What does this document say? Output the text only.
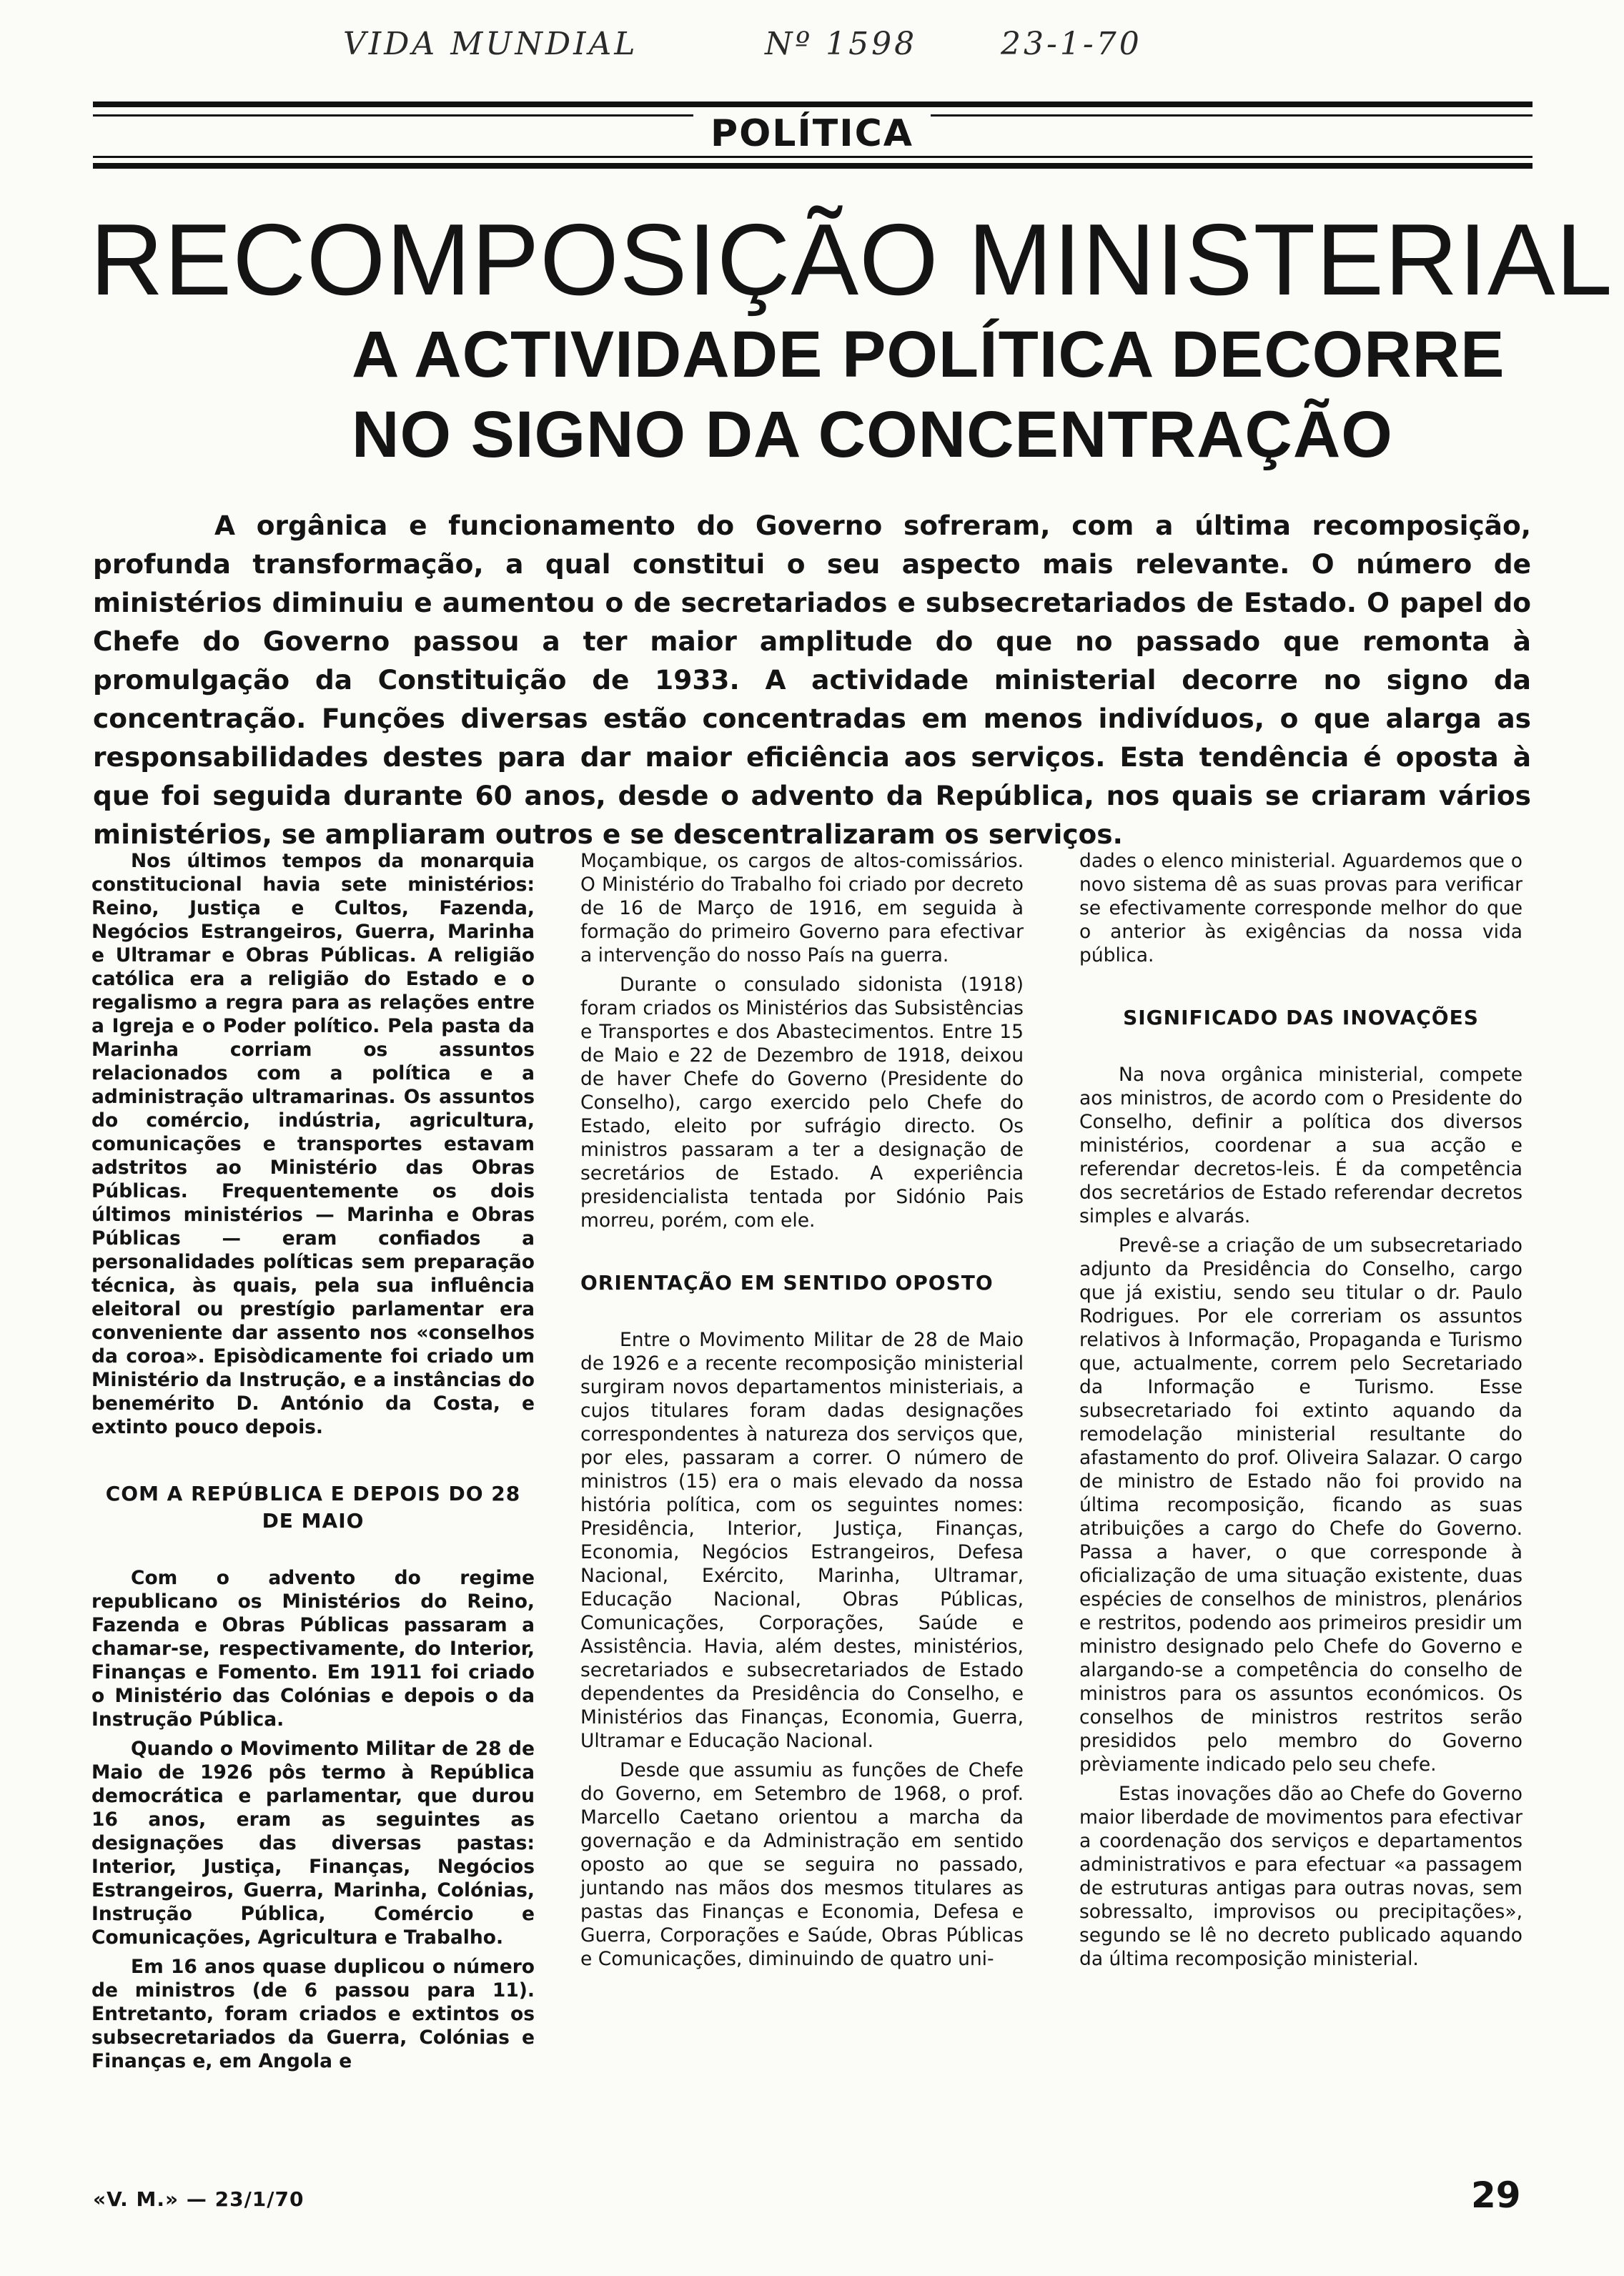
VIDA MUNDIAL	Nº 1598	23-1-70
POLÍTICA
RECOMPOSIÇÃO MINISTERIAL
A ACTIVIDADE POLÍTICA DECORRE
NO SIGNO DA CONCENTRAÇÃO

A orgânica e funcionamento do Governo sofreram, com a última recomposição, profunda transformação, a qual constitui o seu aspecto mais relevante. O número de ministérios diminuiu e aumentou o de secretariados e subsecretariados de Estado. O papel do Chefe do Governo passou a ter maior amplitude do que no passado que remonta à promulgação da Constituição de 1933. A actividade ministerial decorre no signo da concentração. Funções diversas estão concentradas em menos indivíduos, o que alarga as responsabilidades destes para dar maior eficiência aos serviços. Esta tendência é oposta à que foi seguida durante 60 anos, desde o advento da República, nos quais se criaram vários ministérios, se ampliaram outros e se descentralizaram os serviços.

Nos últimos tempos da monarquia constitucional havia sete ministérios: Reino, Justiça e Cultos, Fazenda, Negócios Estrangeiros, Guerra, Marinha e Ultramar e Obras Públicas. A religião católica era a religião do Estado e o regalismo a regra para as relações entre a Igreja e o Poder político. Pela pasta da Marinha corriam os assuntos relacionados com a política e a administração ultramarinas. Os assuntos do comércio, indústria, agricultura, comunicações e transportes estavam adstritos ao Ministério das Obras Públicas. Frequentemente os dois últimos ministérios — Marinha e Obras Públicas — eram confiados a personalidades políticas sem preparação técnica, às quais, pela sua influência eleitoral ou prestígio parlamentar era conveniente dar assento nos «conselhos da coroa». Episòdicamente foi criado um Ministério da Instrução, e a instâncias do benemérito D. António da Costa, e extinto pouco depois.

COM A REPÚBLICA E DEPOIS DO 28 DE MAIO

Com o advento do regime republicano os Ministérios do Reino, Fazenda e Obras Públicas passaram a chamar-se, respectivamente, do Interior, Finanças e Fomento. Em 1911 foi criado o Ministério das Colónias e depois o da Instrução Pública.

Quando o Movimento Militar de 28 de Maio de 1926 pôs termo à República democrática e parlamentar, que durou 16 anos, eram as seguintes as designações das diversas pastas: Interior, Justiça, Finanças, Negócios Estrangeiros, Guerra, Marinha, Colónias, Instrução Pública, Comércio e Comunicações, Agricultura e Trabalho.

Em 16 anos quase duplicou o número de ministros (de 6 passou para 11). Entretanto, foram criados e extintos os subsecretariados da Guerra, Colónias e Finanças e, em Angola e

Moçambique, os cargos de altos-comissários. O Ministério do Trabalho foi criado por decreto de 16 de Março de 1916, em seguida à formação do primeiro Governo para efectivar a intervenção do nosso País na guerra.

Durante o consulado sidonista (1918) foram criados os Ministérios das Subsistências e Transportes e dos Abastecimentos. Entre 15 de Maio e 22 de Dezembro de 1918, deixou de haver Chefe do Governo (Presidente do Conselho), cargo exercido pelo Chefe do Estado, eleito por sufrágio directo. Os ministros passaram a ter a designação de secretários de Estado. A experiência presidencialista tentada por Sidónio Pais morreu, porém, com ele.

ORIENTAÇÃO EM SENTIDO OPOSTO

Entre o Movimento Militar de 28 de Maio de 1926 e a recente recomposição ministerial surgiram novos departamentos ministeriais, a cujos titulares foram dadas designações correspondentes à natureza dos serviços que, por eles, passaram a correr. O número de ministros (15) era o mais elevado da nossa história política, com os seguintes nomes: Presidência, Interior, Justiça, Finanças, Economia, Negócios Estrangeiros, Defesa Nacional, Exército, Marinha, Ultramar, Educação Nacional, Obras Públicas, Comunicações, Corporações, Saúde e Assistência. Havia, além destes, ministérios, secretariados e subsecretariados de Estado dependentes da Presidência do Conselho, e Ministérios das Finanças, Economia, Guerra, Ultramar e Educação Nacional.

Desde que assumiu as funções de Chefe do Governo, em Setembro de 1968, o prof. Marcello Caetano orientou a marcha da governação e da Administração em sentido oposto ao que se seguira no passado, juntando nas mãos dos mesmos titulares as pastas das Finanças e Economia, Defesa e Guerra, Corporações e Saúde, Obras Públicas e Comunicações, diminuindo de quatro uni-

dades o elenco ministerial. Aguardemos que o novo sistema dê as suas provas para verificar se efectivamente corresponde melhor do que o anterior às exigências da nossa vida pública.

SIGNIFICADO DAS INOVAÇÕES

Na nova orgânica ministerial, compete aos ministros, de acordo com o Presidente do Conselho, definir a política dos diversos ministérios, coordenar a sua acção e referendar decretos-leis. É da competência dos secretários de Estado referendar decretos simples e alvarás.

Prevê-se a criação de um subsecretariado adjunto da Presidência do Conselho, cargo que já existiu, sendo seu titular o dr. Paulo Rodrigues. Por ele correriam os assuntos relativos à Informação, Propaganda e Turismo que, actualmente, correm pelo Secretariado da Informação e Turismo. Esse subsecretariado foi extinto aquando da remodelação ministerial resultante do afastamento do prof. Oliveira Salazar. O cargo de ministro de Estado não foi provido na última recomposição, ficando as suas atribuições a cargo do Chefe do Governo. Passa a haver, o que corresponde à oficialização de uma situação existente, duas espécies de conselhos de ministros, plenários e restritos, podendo aos primeiros presidir um ministro designado pelo Chefe do Governo e alargando-se a competência do conselho de ministros para os assuntos económicos. Os conselhos de ministros restritos serão presididos pelo membro do Governo prèviamente indicado pelo seu chefe.

Estas inovações dão ao Chefe do Governo maior liberdade de movimentos para efectivar a coordenação dos serviços e departamentos administrativos e para efectuar «a passagem de estruturas antigas para outras novas, sem sobressalto, improvisos ou precipitações», segundo se lê no decreto publicado aquando da última recomposição ministerial.

«V. M.» — 23/1/70	29
